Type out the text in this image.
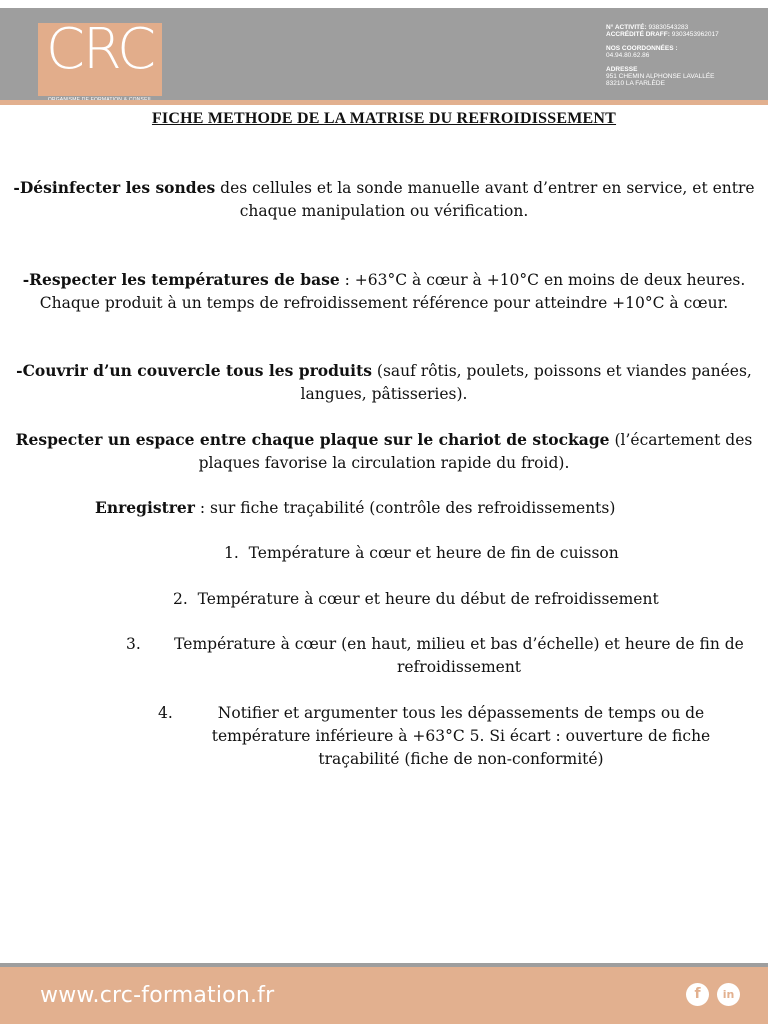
CRC	N° ACTIVITÉ: 93830543283
ACCRÉDITÉ DRAFF: 9303453962017
NOS COORDONNÉES :
04.94.80.62.86
ADRESSE
951 CHEMIN ALPHONSE LAVALLÉE
83210 LA FARLÈDE
FICHE METHODE DE LA MATRISE DU REFROIDISSEMENT
-Désinfecter les sondes des cellules et la sonde manuelle avant d’entrer en service, et entre chaque manipulation ou vérification.
-Respecter les températures de base : +63°C à cœur à +10°C en moins de deux heures. Chaque produit à un temps de refroidissement référence pour atteindre +10°C à cœur.
-Couvrir d’un couvercle tous les produits (sauf rôtis, poulets, poissons et viandes panées, langues, pâtisseries).
Respecter un espace entre chaque plaque sur le chariot de stockage (l’écartement des plaques favorise la circulation rapide du froid).
Enregistrer : sur fiche traçabilité (contrôle des refroidissements)
1. Température à cœur et heure de fin de cuisson
2. Température à cœur et heure du début de refroidissement
3.	Température à cœur (en haut, milieu et bas d’échelle) et heure de fin de refroidissement
4.	Notifier et argumenter tous les dépassements de temps ou de température inférieure à +63°C 5. Si écart : ouverture de fiche traçabilité (fiche de non-conformité)
www.crc-formation.fr	f	in
